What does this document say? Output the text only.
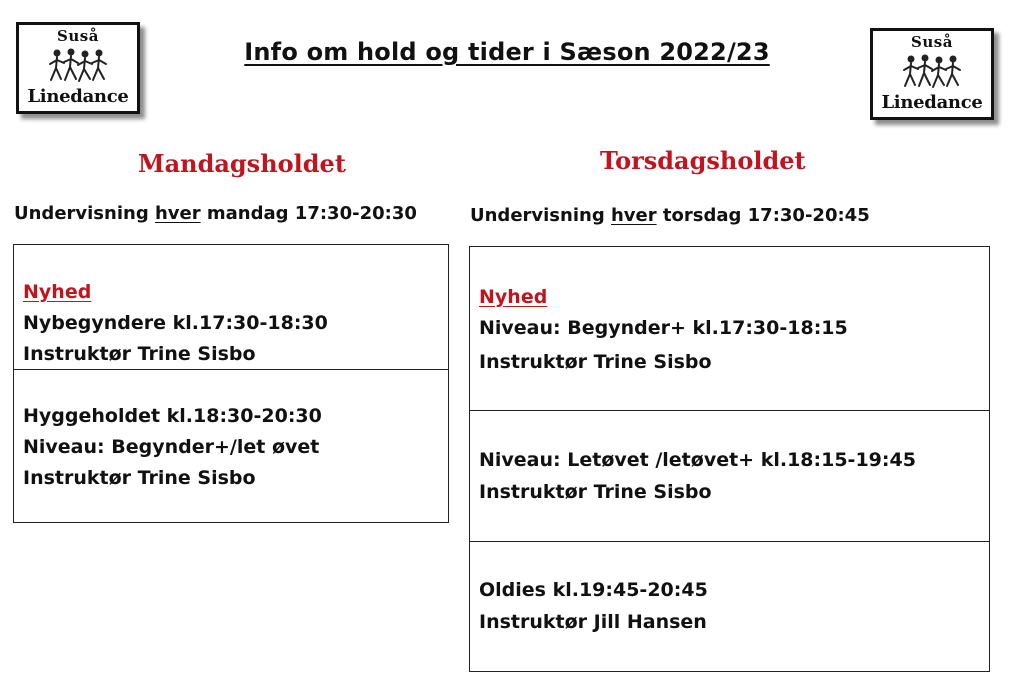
Suså
Linedance
Suså
Linedance
Info om hold og tider i Sæson 2022/23
Mandagsholdet	Torsdagsholdet
Undervisning hver mandag 17:30-20:30	Undervisning hver torsdag 17:30-20:45
Nyhed
Nybegyndere kl.17:30-18:30
Instruktør Trine Sisbo
Hyggeholdet kl.18:30-20:30
Niveau: Begynder+/let øvet
Instruktør Trine Sisbo
Nyhed
Niveau: Begynder+ kl.17:30-18:15
Instruktør Trine Sisbo
Niveau: Letøvet /letøvet+ kl.18:15-19:45
Instruktør Trine Sisbo
Oldies kl.19:45-20:45
Instruktør Jill Hansen
